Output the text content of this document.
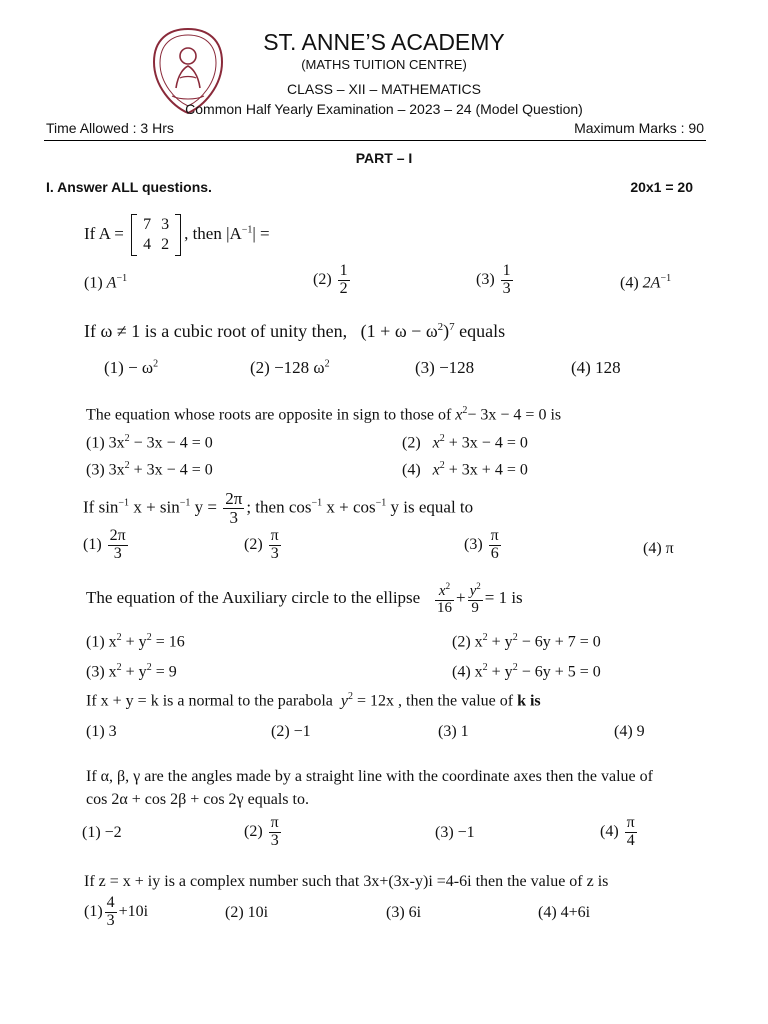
ST. ANNE’S ACADEMY
(MATHS TUITION CENTRE)
CLASS – XII – MATHEMATICS
Common Half Yearly Examination – 2023 – 24 (Model Question)
Time Allowed : 3 Hrs	Maximum Marks : 90
PART – I
I. Answer ALL questions.	20x1 = 20
If A = 7	3
4	2
, then $|A^{-1}|$ =
(1) $A^{-1}$	$(2) \frac{1}{2}$	$(3) \frac{1}{3}$	(4) $2A^{-1}$
If ω ≠ 1 is a cubic root of unity then, $(1 + \omega - \omega^2)^7$ equals
$(1) - \omega^2$	(2) −128 $\omega^2$	(3) −128	(4) 128
The equation whose roots are opposite in sign to those of $x^2- 3x - 4 = 0$ is
(1) $3x^2 - 3x - 4 = 0$	(2) $x^2 + 3x - 4 = 0$
(3) $3x^2 + 3x - 4 = 0$	(4) $x^2 + 3x + 4 = 0$
If $\sin^{-1} x + \sin^{-1} y = \frac{2\pi}{3}$ ; then $\cos^{-1} x + \cos^{-1} y$ is equal to
$(1) \frac{2\pi}{3}$	$(2) \frac{\pi}{3}$	$(3) \frac{\pi}{6}$	(4) π
The equation of the Auxiliary circle to the ellipse $\frac{x^2}{16} + \frac{y^2}{9} = 1$ is
(1) $x^2 + y^2 = 16$	(2) $x^2 + y^2 - 6y + 7 = 0$
(3) $x^2 + y^2 = 9$	(4) $x^2 + y^2 - 6y + 5 = 0$
If x + y = k is a normal to the parabola $y^2 = 12x$ , then the value of k is
(1) 3	(2) −1	(3) 1	(4) 9
If α, β, γ are the angles made by a straight line with the coordinate axes then the value of
cos 2α + cos 2β + cos 2γ equals to.
(1) −2	$(2) \frac{\pi}{3}$	(3) −1	$(4) \frac{\pi}{4}$
If z = x + iy is a complex number such that 3x+(3x-y)i =4-6i then the value of z is
$(1) \frac{4}{3} +10i$	(2) 10i	(3) 6i	(4) 4+6i
